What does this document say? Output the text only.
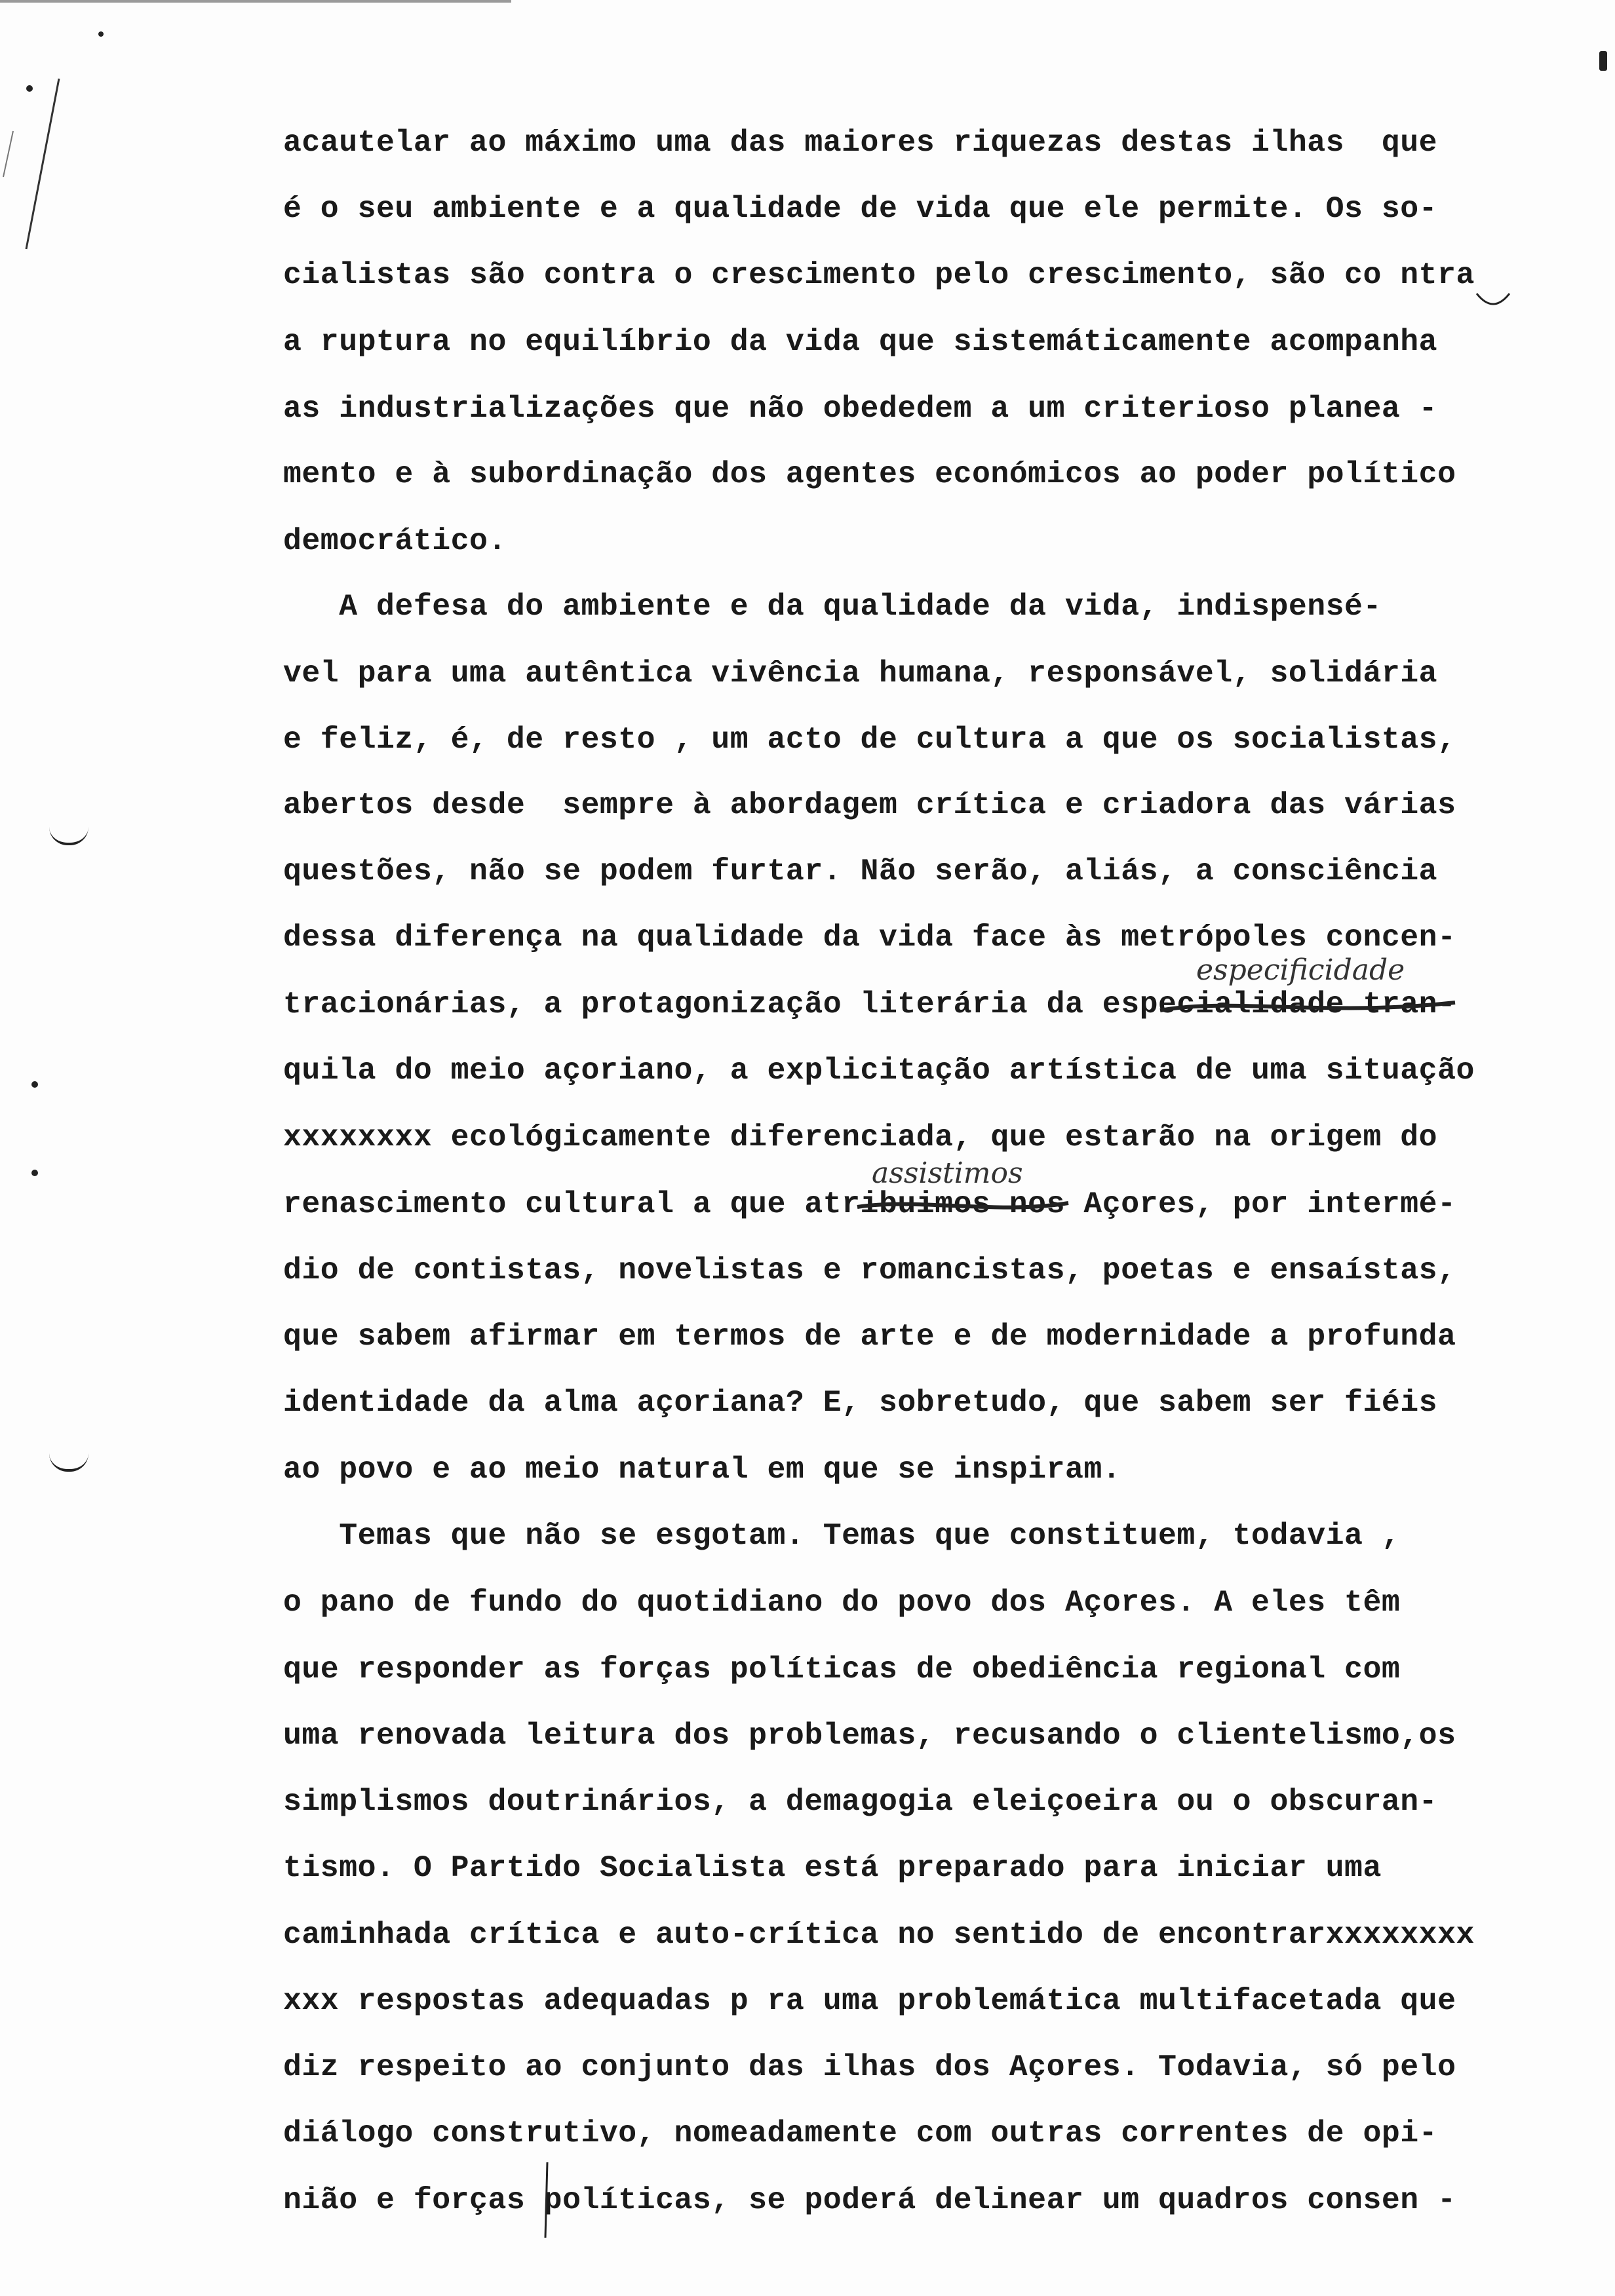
acautelar ao máximo uma das maiores riquezas destas ilhas  que
é o seu ambiente e a qualidade de vida que ele permite. Os so-
cialistas são contra o crescimento pelo crescimento, são co ntra
a ruptura no equilíbrio da vida que sistemáticamente acompanha
as industrializações que não obededem a um criterioso planea -
mento e à subordinação dos agentes económicos ao poder político
democrático.
A defesa do ambiente e da qualidade da vida, indispensé-
vel para uma autêntica vivência humana, responsável, solidária
e feliz, é, de resto , um acto de cultura a que os socialistas,
abertos desde  sempre à abordagem crítica e criadora das várias
questões, não se podem furtar. Não serão, aliás, a consciência
dessa diferença na qualidade da vida face às metrópoles concen-
tracionárias, a protagonização literária da especialidade tran-
quila do meio açoriano, a explicitação artística de uma situação
xxxxxxxx ecológicamente diferenciada, que estarão na origem do
renascimento cultural a que atribuimos nos Açores, por intermé-
dio de contistas, novelistas e romancistas, poetas e ensaístas,
que sabem afirmar em termos de arte e de modernidade a profunda
identidade da alma açoriana? E, sobretudo, que sabem ser fiéis
ao povo e ao meio natural em que se inspiram.
Temas que não se esgotam. Temas que constituem, todavia ,
o pano de fundo do quotidiano do povo dos Açores. A eles têm
que responder as forças políticas de obediência regional com
uma renovada leitura dos problemas, recusando o clientelismo,os
simplismos doutrinários, a demagogia eleiçoeira ou o obscuran-
tismo. O Partido Socialista está preparado para iniciar uma
caminhada crítica e auto-crítica no sentido de encontrarxxxxxxxx
xxx respostas adequadas p ra uma problemática multifacetada que
diz respeito ao conjunto das ilhas dos Açores. Todavia, só pelo
diálogo construtivo, nomeadamente com outras correntes de opi-
nião e forças políticas, se poderá delinear um quadros consen -
especificidade
assistimos
